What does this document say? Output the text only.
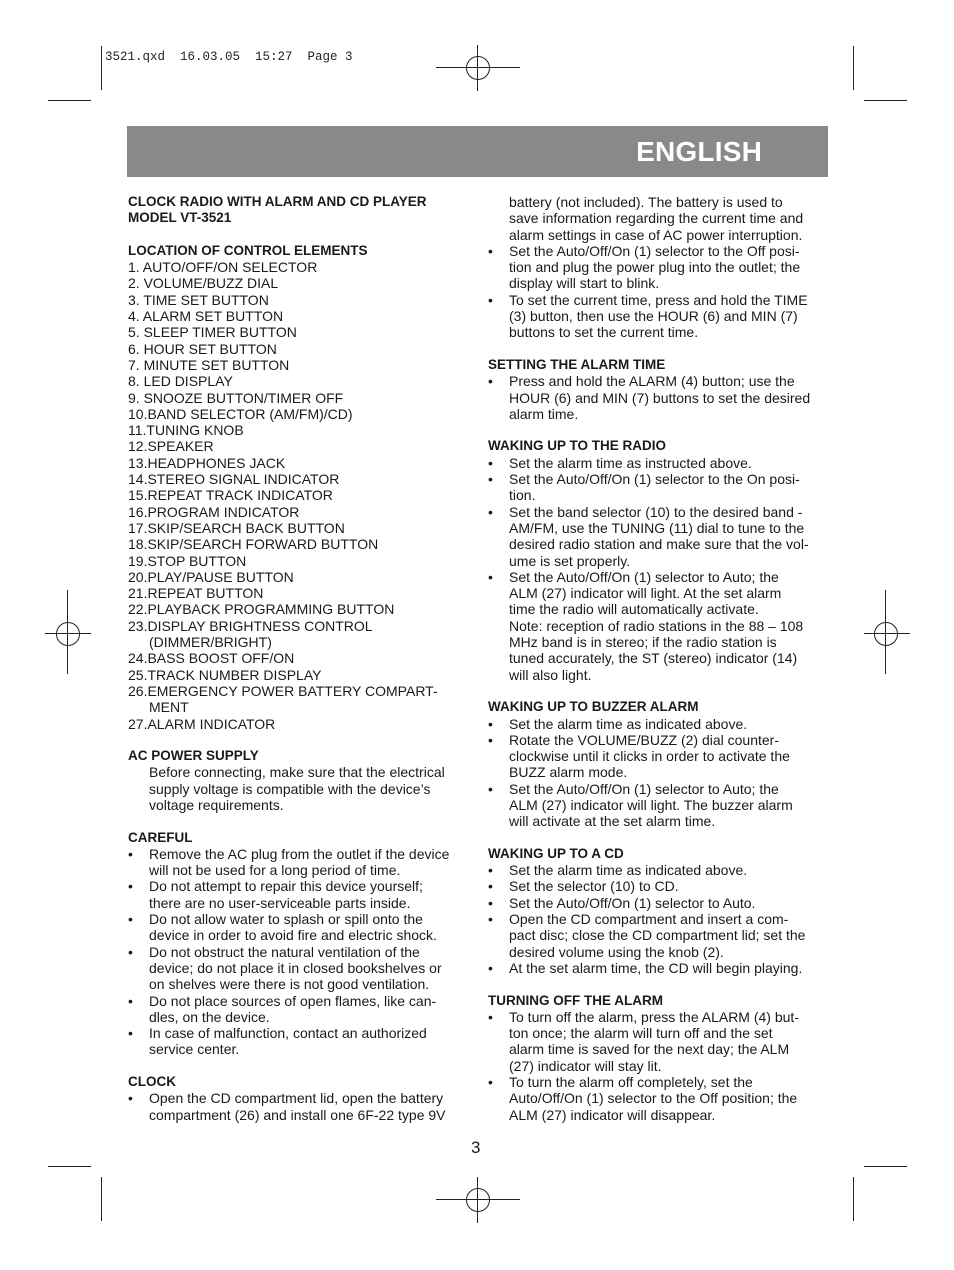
3521.qxd  16.03.05  15:27  Page 3
ENGLISH
CLOCK RADIO WITH ALARM AND CD PLAYER
MODEL VT-3521
LOCATION OF CONTROL ELEMENTS
1. AUTO/OFF/ON SELECTOR
2. VOLUME/BUZZ DIAL
3. TIME SET BUTTON
4. ALARM SET BUTTON
5. SLEEP TIMER BUTTON
6. HOUR SET BUTTON
7. MINUTE SET BUTTON
8. LED DISPLAY
9. SNOOZE BUTTON/TIMER OFF
10.BAND SELECTOR (AM/FM)/CD)
11.TUNING KNOB
12.SPEAKER
13.HEADPHONES JACK
14.STEREO SIGNAL INDICATOR
15.REPEAT TRACK INDICATOR
16.PROGRAM INDICATOR
17.SKIP/SEARCH BACK BUTTON
18.SKIP/SEARCH FORWARD BUTTON
19.STOP BUTTON
20.PLAY/PAUSE BUTTON
21.REPEAT BUTTON
22.PLAYBACK PROGRAMMING BUTTON
23.DISPLAY BRIGHTNESS CONTROL
(DIMMER/BRIGHT)
24.BASS BOOST OFF/ON
25.TRACK NUMBER DISPLAY
26.EMERGENCY POWER BATTERY COMPART-
MENT
27.ALARM INDICATOR
AC POWER SUPPLY
Before connecting, make sure that the electrical
supply voltage is compatible with the device’s
voltage requirements.
CAREFUL
•	Remove the AC plug from the outlet if the device
will not be used for a long period of time.
•	Do not attempt to repair this device yourself;
there are no user-serviceable parts inside.
•	Do not allow water to splash or spill onto the
device in order to avoid fire and electric shock.
•	Do not obstruct the natural ventilation of the
device; do not place it in closed bookshelves or
on shelves were there is not good ventilation.
•	Do not place sources of open flames, like can-
dles, on the device.
•	In case of malfunction, contact an authorized
service center.
CLOCK
•	Open the CD compartment lid, open the battery
compartment (26) and install one 6F-22 type 9V
battery (not included). The battery is used to
save information regarding the current time and
alarm settings in case of AC power interruption.
•	Set the Auto/Off/On (1) selector to the Off posi-
tion and plug the power plug into the outlet; the
display will start to blink.
•	To set the current time, press and hold the TIME
(3) button, then use the HOUR (6) and MIN (7)
buttons to set the current time.
SETTING THE ALARM TIME
•	Press and hold the ALARM (4) button; use the
HOUR (6) and MIN (7) buttons to set the desired
alarm time.
WAKING UP TO THE RADIO
•	Set the alarm time as instructed above.
•	Set the Auto/Off/On (1) selector to the On posi-
tion.
•	Set the band selector (10) to the desired band -
AM/FM, use the TUNING (11) dial to tune to the
desired radio station and make sure that the vol-
ume is set properly.
•	Set the Auto/Off/On (1) selector to Auto; the
ALM (27) indicator will light. At the set alarm
time the radio will automatically activate.
Note: reception of radio stations in the 88 – 108
MHz band is in stereo; if the radio station is
tuned accurately, the ST (stereo) indicator (14)
will also light.
WAKING UP TO BUZZER ALARM
•	Set the alarm time as indicated above.
•	Rotate the VOLUME/BUZZ (2) dial counter-
clockwise until it clicks in order to activate the
BUZZ alarm mode.
•	Set the Auto/Off/On (1) selector to Auto; the
ALM (27) indicator will light. The buzzer alarm
will activate at the set alarm time.
WAKING UP TO A CD
•	Set the alarm time as indicated above.
•	Set the selector (10) to CD.
•	Set the Auto/Off/On (1) selector to Auto.
•	Open the CD compartment and insert a com-
pact disc; close the CD compartment lid; set the
desired volume using the knob (2).
•	At the set alarm time, the CD will begin playing.
TURNING OFF THE ALARM
•	To turn off the alarm, press the ALARM (4) but-
ton once; the alarm will turn off and the set
alarm time is saved for the next day; the ALM
(27) indicator will stay lit.
•	To turn the alarm off completely, set the
Auto/Off/On (1) selector to the Off position; the
ALM (27) indicator will disappear.
3
